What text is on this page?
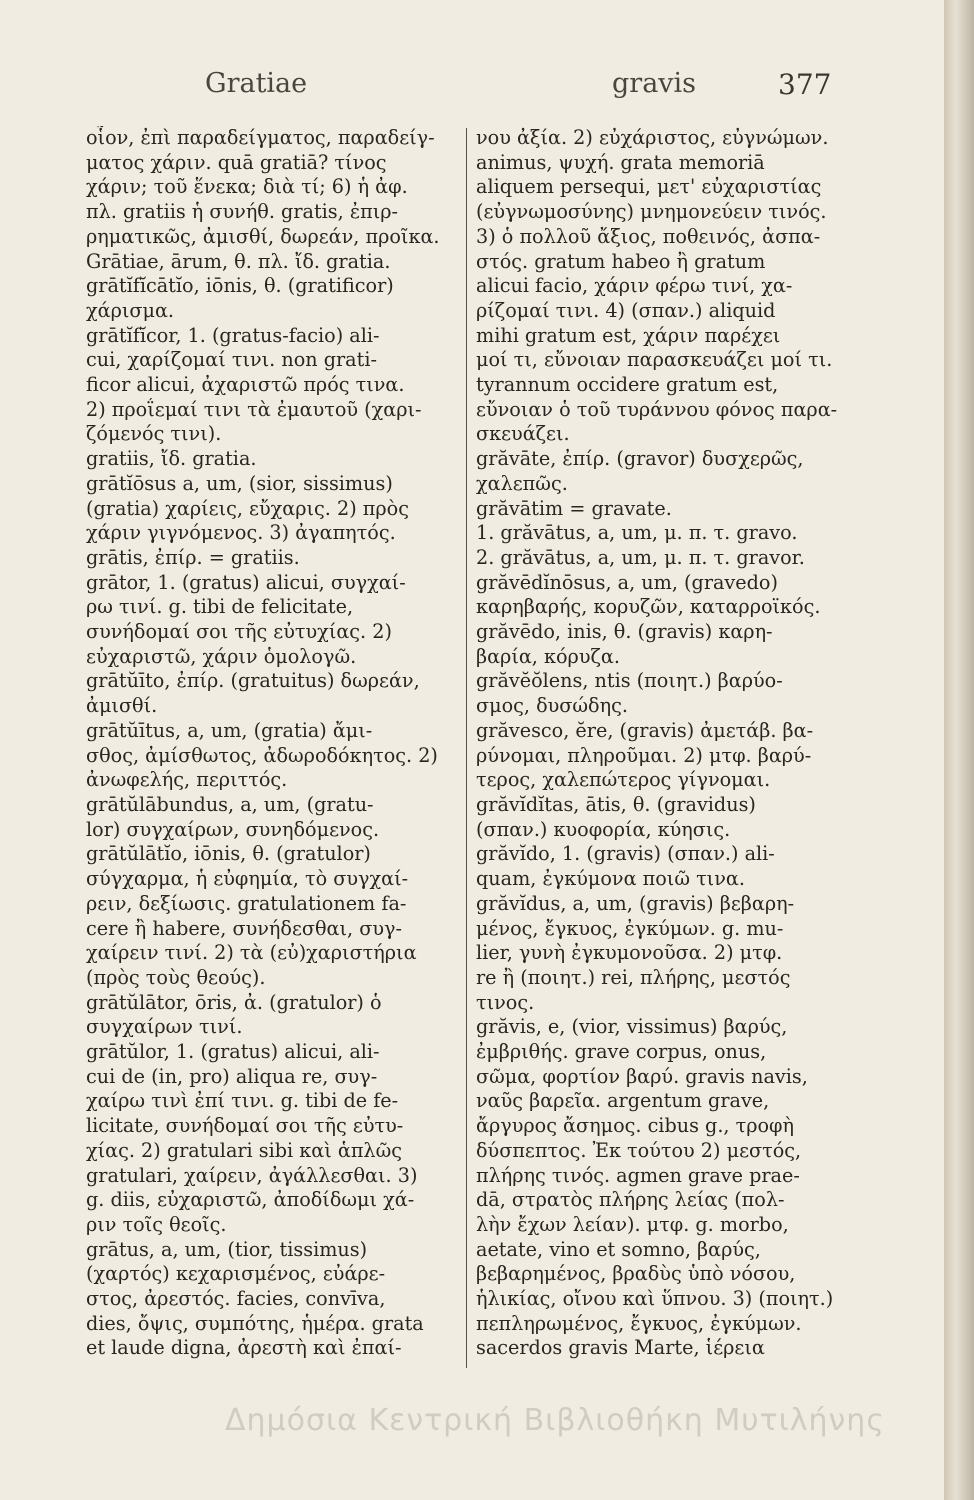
Gratiae	gravis	377
οἷον, ἐπὶ παραδείγματος, παραδείγ-
ματος χάριν. quā gratiā? τίνος
χάριν; τοῦ ἕνεκα; διὰ τί; 6) ἡ ἀφ.
πλ. gratiis ἡ συνήθ. gratis, ἐπιρ-
ρηματικῶς, ἀμισθί, δωρεάν, προῖκα.
Grātiae, ārum, θ. πλ. ἴδ. gratia.
grātĭfĭcātĭo, iōnis, θ. (gratificor)
χάρισμα.
grātĭfĭcor, 1. (gratus-facio) ali-
cui, χαρίζομαί τινι. non grati-
ficor alicui, ἀχαριστῶ πρός τινα.
2) προΐεμαί τινι τὰ ἐμαυτοῦ (χαρι-
ζόμενός τινι).
gratiis, ἴδ. gratia.
grātĭōsus a, um, (sior, sissimus)
(gratia) χαρίεις, εὔχαρις. 2) πρὸς
χάριν γιγνόμενος. 3) ἀγαπητός.
grātis, ἐπίρ. = gratiis.
grātor, 1. (gratus) alicui, συγχαί-
ρω τινί. g. tibi de felicitate,
συνήδομαί σοι τῆς εὐτυχίας. 2)
εὐχαριστῶ, χάριν ὁμολογῶ.
grātŭīto, ἐπίρ. (gratuitus) δωρεάν,
ἀμισθί.
grātŭītus, a, um, (gratia) ἄμι-
σθος, ἀμίσθωτος, ἀδωροδόκητος. 2)
ἀνωφελής, περιττός.
grātŭlābundus, a, um, (gratu-
lor) συγχαίρων, συνηδόμενος.
grātŭlātĭo, iōnis, θ. (gratulor)
σύγχαρμα, ἡ εὐφημία, τὸ συγχαί-
ρειν, δεξίωσις. gratulationem fa-
cere ἢ habere, συνήδεσθαι, συγ-
χαίρειν τινί. 2) τὰ (εὐ)χαριστήρια
(πρὸς τοὺς θεούς).
grātŭlātor, ōris, ἀ. (gratulor) ὁ
συγχαίρων τινί.
grātŭlor, 1. (gratus) alicui, ali-
cui de (in, pro) aliqua re, συγ-
χαίρω τινὶ ἐπί τινι. g. tibi de fe-
licitate, συνήδομαί σοι τῆς εὐτυ-
χίας. 2) gratulari sibi καὶ ἁπλῶς
gratulari, χαίρειν, ἀγάλλεσθαι. 3)
g. diis, εὐχαριστῶ, ἀποδίδωμι χά-
ριν τοῖς θεοῖς.
grātus, a, um, (tior, tissimus)
(χαρτός) κεχαρισμένος, εὐάρε-
στος, ἀρεστός. facies, convīva,
dies, ὄψις, συμπότης, ἡμέρα. grata
et laude digna, ἀρεστὴ καὶ ἐπαί-
νου ἀξία. 2) εὐχάριστος, εὐγνώμων.
animus, ψυχή. grata memoriā
aliquem persequi, μετ' εὐχαριστίας
(εὐγνωμοσύνης) μνημονεύειν τινός.
3) ὁ πολλοῦ ἄξιος, ποθεινός, ἀσπα-
στός. gratum habeo ἢ gratum
alicui facio, χάριν φέρω τινί, χα-
ρίζομαί τινι. 4) (σπαν.) aliquid
mihi gratum est, χάριν παρέχει
μοί τι, εὔνοιαν παρασκευάζει μοί τι.
tyrannum occidere gratum est,
εὔνοιαν ὁ τοῦ τυράννου φόνος παρα-
σκευάζει.
grăvāte, ἐπίρ. (gravor) δυσχερῶς,
χαλεπῶς.
grăvātim = gravate.
1. grăvātus, a, um, μ. π. τ. gravo.
2. grăvātus, a, um, μ. π. τ. gravor.
grăvēdĭnōsus, a, um, (gravedo)
καρηβαρής, κορυζῶν, καταρροϊκός.
grăvēdo, inis, θ. (gravis) καρη-
βαρία, κόρυζα.
grăvĕŏlens, ntis (ποιητ.) βαρύο-
σμος, δυσώδης.
grăvesco, ĕre, (gravis) ἀμετάβ. βα-
ρύνομαι, πληροῦμαι. 2) μτφ. βαρύ-
τερος, χαλεπώτερος γίγνομαι.
grăvĭdĭtas, ātis, θ. (gravidus)
(σπαν.) κυοφορία, κύησις.
grăvĭdo, 1. (gravis) (σπαν.) ali-
quam, ἐγκύμονα ποιῶ τινα.
grăvĭdus, a, um, (gravis) βεβαρη-
μένος, ἔγκυος, ἐγκύμων. g. mu-
lier, γυνὴ ἐγκυμονοῦσα. 2) μτφ.
re ἢ (ποιητ.) rei, πλήρης, μεστός
τινος.
grăvis, e, (vior, vissimus) βαρύς,
ἐμβριθής. grave corpus, onus,
σῶμα, φορτίον βαρύ. gravis navis,
ναῦς βαρεῖα. argentum grave,
ἄργυρος ἄσημος. cibus g., τροφὴ
δύσπεπτος. Ἐκ τούτου 2) μεστός,
πλήρης τινός. agmen grave prae-
dā, στρατὸς πλήρης λείας (πολ-
λὴν ἔχων λείαν). μτφ. g. morbo,
aetate, vino et somno, βαρύς,
βεβαρημένος, βραδὺς ὑπὸ νόσου,
ἡλικίας, οἴνου καὶ ὕπνου. 3) (ποιητ.)
πεπληρωμένος, ἔγκυος, ἐγκύμων.
sacerdos gravis Marte, ἱέρεια
Δημόσια Κεντρική Βιβλιοθήκη Μυτιλήνης
